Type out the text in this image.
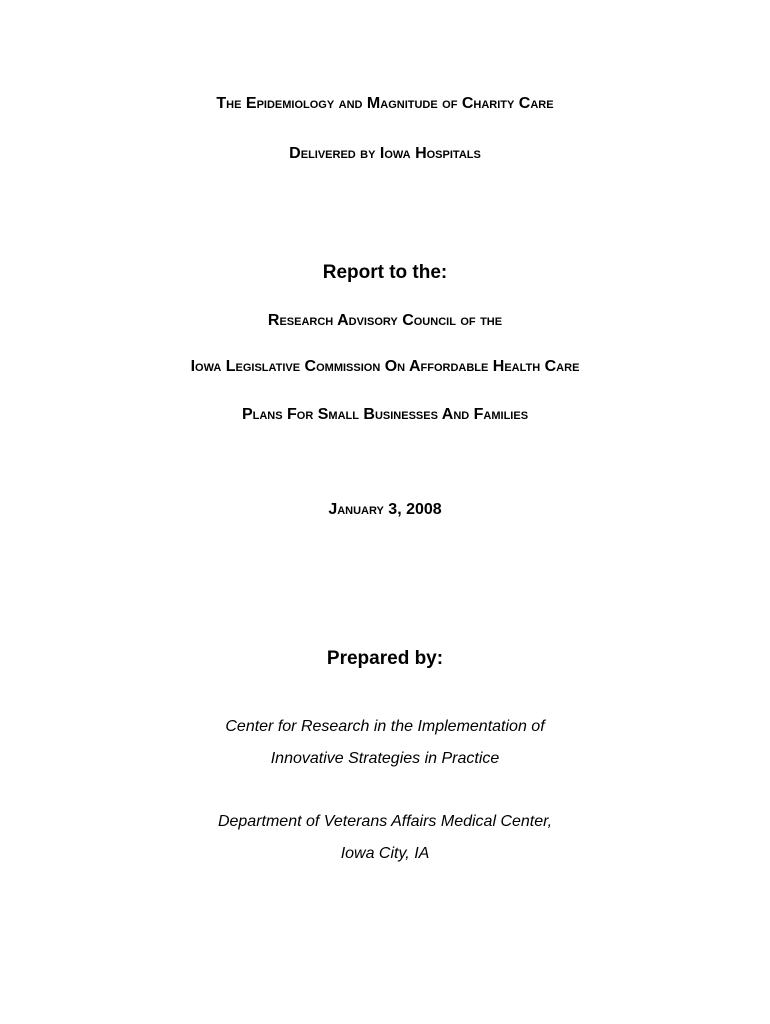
The Epidemiology and Magnitude of Charity Care
Delivered by Iowa Hospitals
Report to the:
Research Advisory Council of the
Iowa Legislative Commission On Affordable Health Care
Plans For Small Businesses And Families
January 3, 2008
Prepared by:
Center for Research in the Implementation of
Innovative Strategies in Practice
Department of Veterans Affairs Medical Center,
Iowa City, IA
